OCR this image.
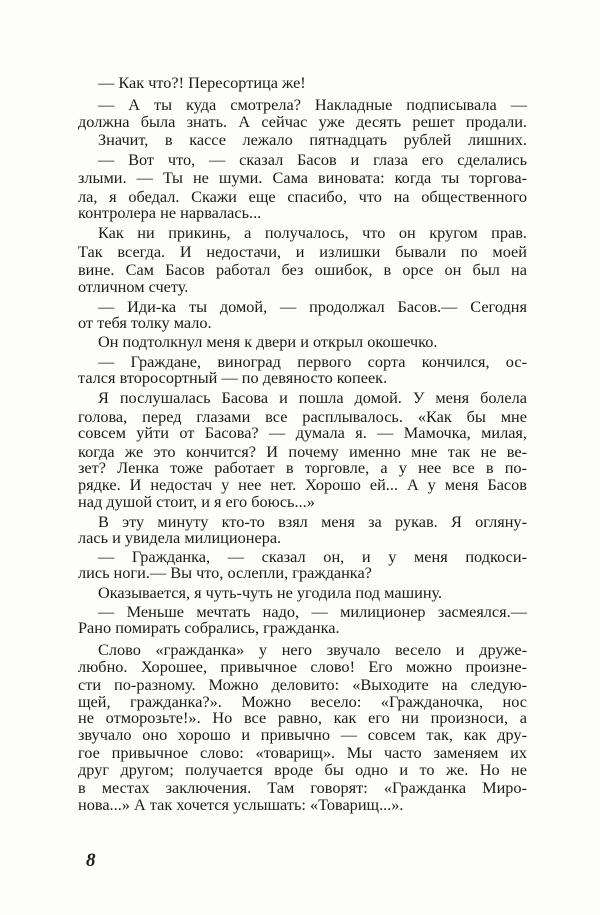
— Как что?! Пересортица же!
— А ты куда смотрела? Накладные подписывала —
должна была знать. А сейчас уже десять решет продали.
Значит, в кассе лежало пятнадцать рублей лишних.
— Вот что, — сказал Басов и глаза его сделались
злыми. — Ты не шуми. Сама виновата: когда ты торгова-
ла, я обедал. Скажи еще спасибо, что на общественного
контролера не нарвалась...
Как ни прикинь, а получалось, что он кругом прав.
Так всегда. И недостачи, и излишки бывали по моей
вине. Сам Басов работал без ошибок, в орсе он был на
отличном счету.
— Иди-ка ты домой, — продолжал Басов.— Сегодня
от тебя толку мало.
Он подтолкнул меня к двери и открыл окошечко.
— Граждане, виноград первого сорта кончился, ос-
тался второсортный — по девяносто копеек.
Я послушалась Басова и пошла домой. У меня болела
голова, перед глазами все расплывалось. «Как бы мне
совсем уйти от Басова? — думала я. — Мамочка, милая,
когда же это кончится? И почему именно мне так не ве-
зет? Ленка тоже работает в торговле, а у нее все в по-
рядке. И недостач у нее нет. Хорошо ей... А у меня Басов
над душой стоит, и я его боюсь...»
В эту минуту кто-то взял меня за рукав. Я огляну-
лась и увидела милиционера.
— Гражданка, — сказал он, и у меня подкоси-
лись ноги.— Вы что, ослепли, гражданка?
Оказывается, я чуть-чуть не угодила под машину.
— Меньше мечтать надо, — милиционер засмеялся.—
Рано помирать собрались, гражданка.
Слово «гражданка» у него звучало весело и друже-
любно. Хорошее, привычное слово! Его можно произне-
сти по-разному. Можно деловито: «Выходите на следую-
щей, гражданка?». Можно весело: «Гражданочка, нос
не отморозьте!». Но все равно, как его ни произноси, а
звучало оно хорошо и привычно — совсем так, как дру-
гое привычное слово: «товарищ». Мы часто заменяем их
друг другом; получается вроде бы одно и то же. Но не
в местах заключения. Там говорят: «Гражданка Миро-
нова...» А так хочется услышать: «Товарищ...».
8
